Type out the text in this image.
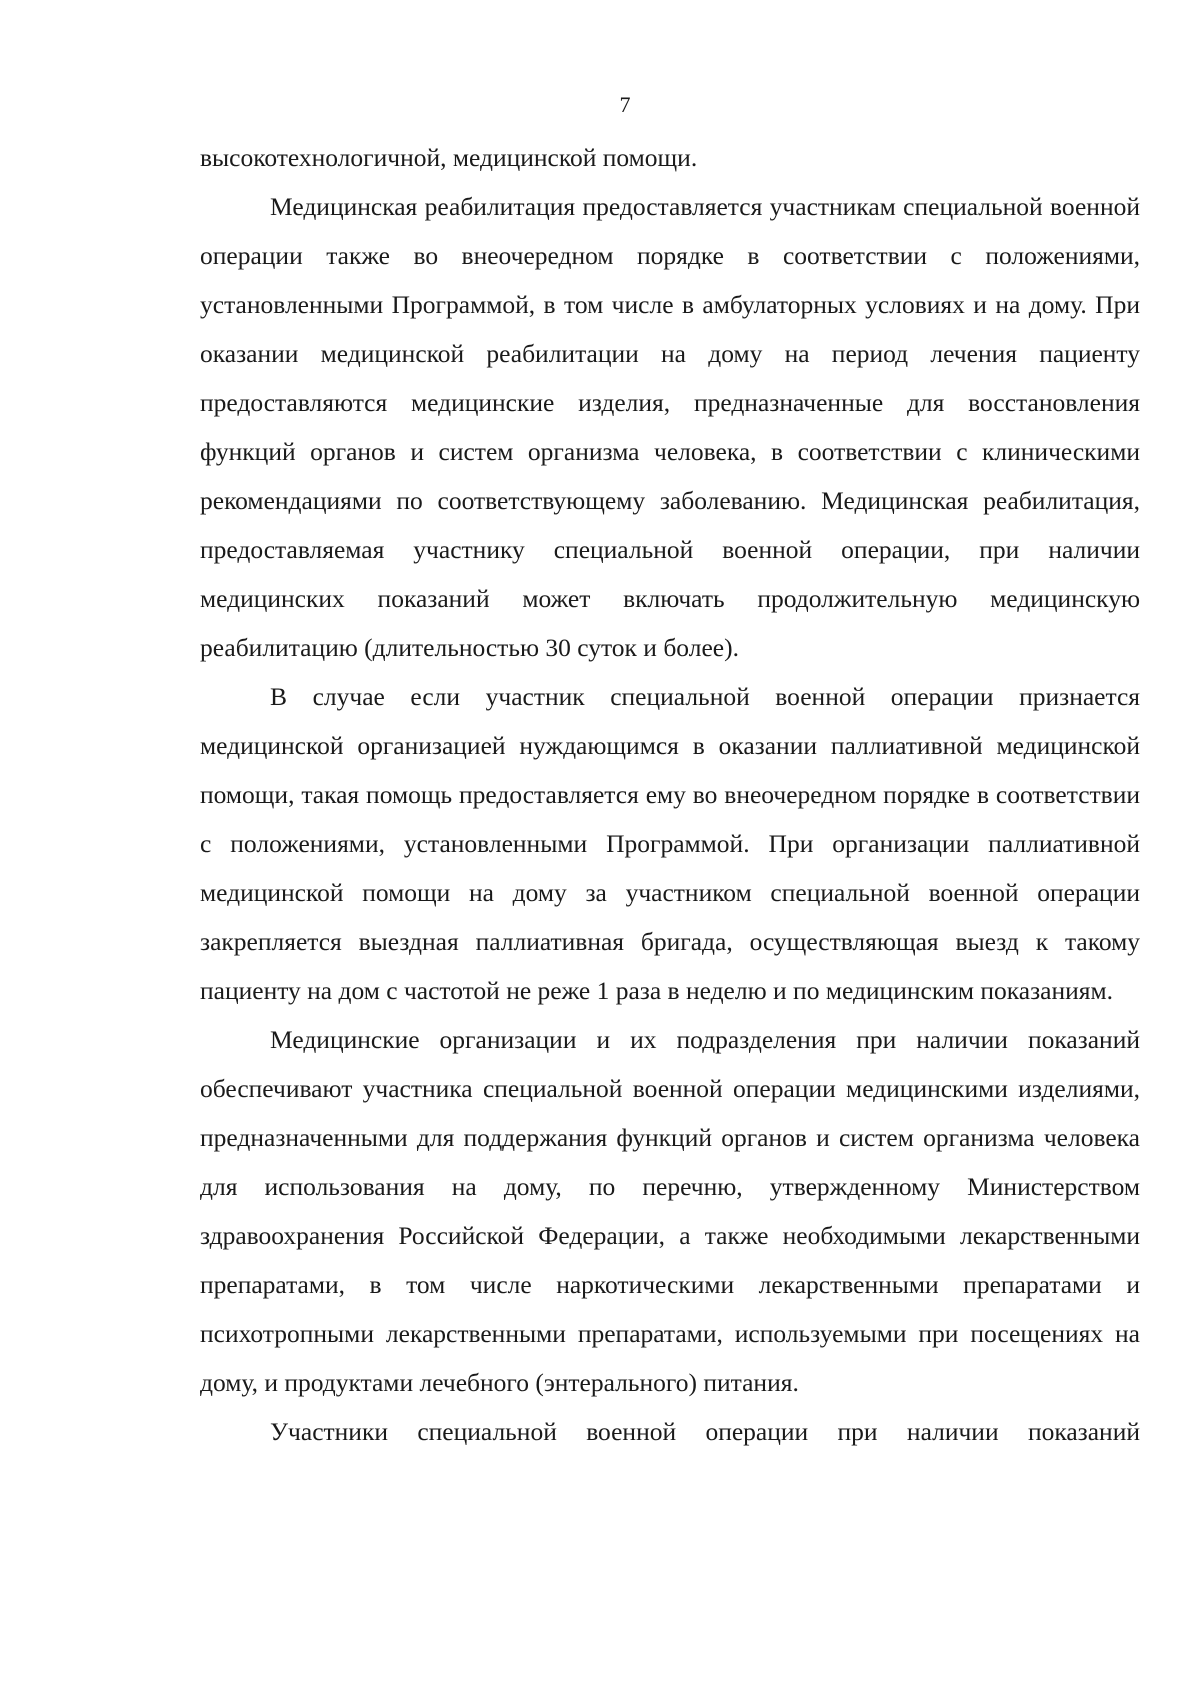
7

высокотехнологичной, медицинской помощи.

Медицинская реабилитация предоставляется участникам специальной военной операции также во внеочередном порядке в соответствии с положениями, установленными Программой, в том числе в амбулаторных условиях и на дому. При оказании медицинской реабилитации на дому на период лечения пациенту предоставляются медицинские изделия, предназначенные для восстановления функций органов и систем организма человека, в соответствии с клиническими рекомендациями по соответствующему заболеванию. Медицинская реабилитация, предоставляемая участнику специальной военной операции, при наличии медицинских показаний может включать продолжительную медицинскую реабилитацию (длительностью 30 суток и более).

В случае если участник специальной военной операции признается медицинской организацией нуждающимся в оказании паллиативной медицинской помощи, такая помощь предоставляется ему во внеочередном порядке в соответствии с положениями, установленными Программой. При организации паллиативной медицинской помощи на дому за участником специальной военной операции закрепляется выездная паллиативная бригада, осуществляющая выезд к такому пациенту на дом с частотой не реже 1 раза в неделю и по медицинским показаниям.

Медицинские организации и их подразделения при наличии показаний обеспечивают участника специальной военной операции медицинскими изделиями, предназначенными для поддержания функций органов и систем организма человека для использования на дому, по перечню, утвержденному Министерством здравоохранения Российской Федерации, а также необходимыми лекарственными препаратами, в том числе наркотическими лекарственными препаратами и психотропными лекарственными препаратами, используемыми при посещениях на дому, и продуктами лечебного (энтерального) питания.

Участники специальной военной операции при наличии показаний
